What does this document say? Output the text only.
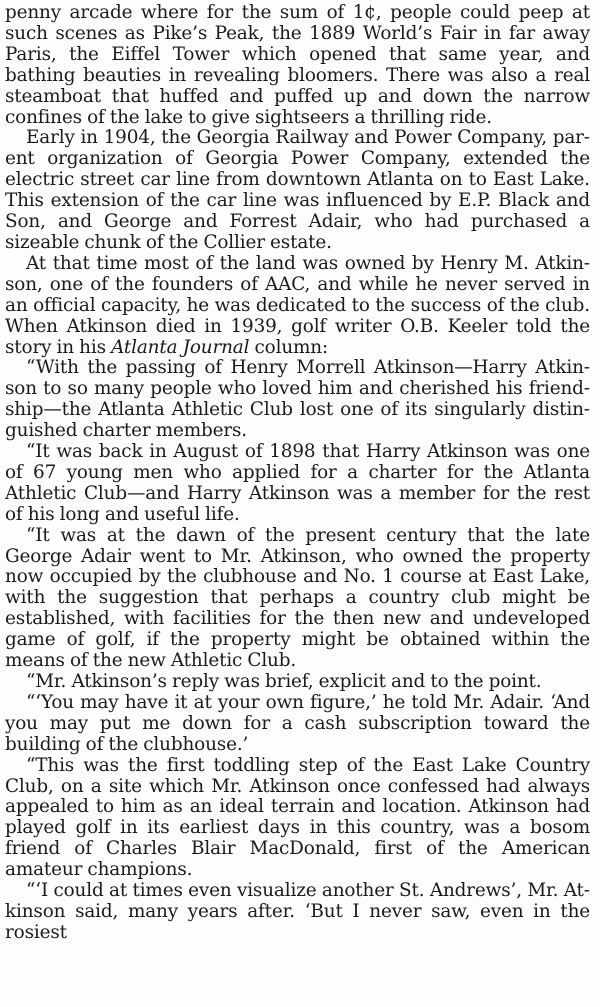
penny arcade where for the sum of 1¢, people could peep at such scenes as Pike’s Peak, the 1889 World’s Fair in far away Paris, the Eiffel Tower which opened that same year, and bathing beauties in revealing bloomers. There was also a real steamboat that huffed and puffed up and down the narrow confines of the lake to give sightseers a thrilling ride.

Early in 1904, the Georgia Railway and Power Company, parent organization of Georgia Power Company, extended the electric street car line from downtown Atlanta on to East Lake. This extension of the car line was influenced by E.P. Black and Son, and George and Forrest Adair, who had purchased a sizeable chunk of the Collier estate.

At that time most of the land was owned by Henry M. Atkinson, one of the founders of AAC, and while he never served in an official capacity, he was dedicated to the success of the club. When Atkinson died in 1939, golf writer O.B. Keeler told the story in his Atlanta Journal column:

“With the passing of Henry Morrell Atkinson—Harry Atkinson to so many people who loved him and cherished his friendship—the Atlanta Athletic Club lost one of its singularly distinguished charter members.

“It was back in August of 1898 that Harry Atkinson was one of 67 young men who applied for a charter for the Atlanta Athletic Club—and Harry Atkinson was a member for the rest of his long and useful life.

“It was at the dawn of the present century that the late George Adair went to Mr. Atkinson, who owned the property now occupied by the clubhouse and No. 1 course at East Lake, with the suggestion that perhaps a country club might be established, with facilities for the then new and undeveloped game of golf, if the property might be obtained within the means of the new Athletic Club.

“Mr. Atkinson’s reply was brief, explicit and to the point.

“‘You may have it at your own figure,’ he told Mr. Adair. ‘And you may put me down for a cash subscription toward the building of the clubhouse.’

“This was the first toddling step of the East Lake Country Club, on a site which Mr. Atkinson once confessed had always appealed to him as an ideal terrain and location. Atkinson had played golf in its earliest days in this country, was a bosom friend of Charles Blair MacDonald, first of the American amateur champions.

“‘I could at times even visualize another St. Andrews’, Mr. Atkinson said, many years after. ‘But I never saw, even in the rosiest
